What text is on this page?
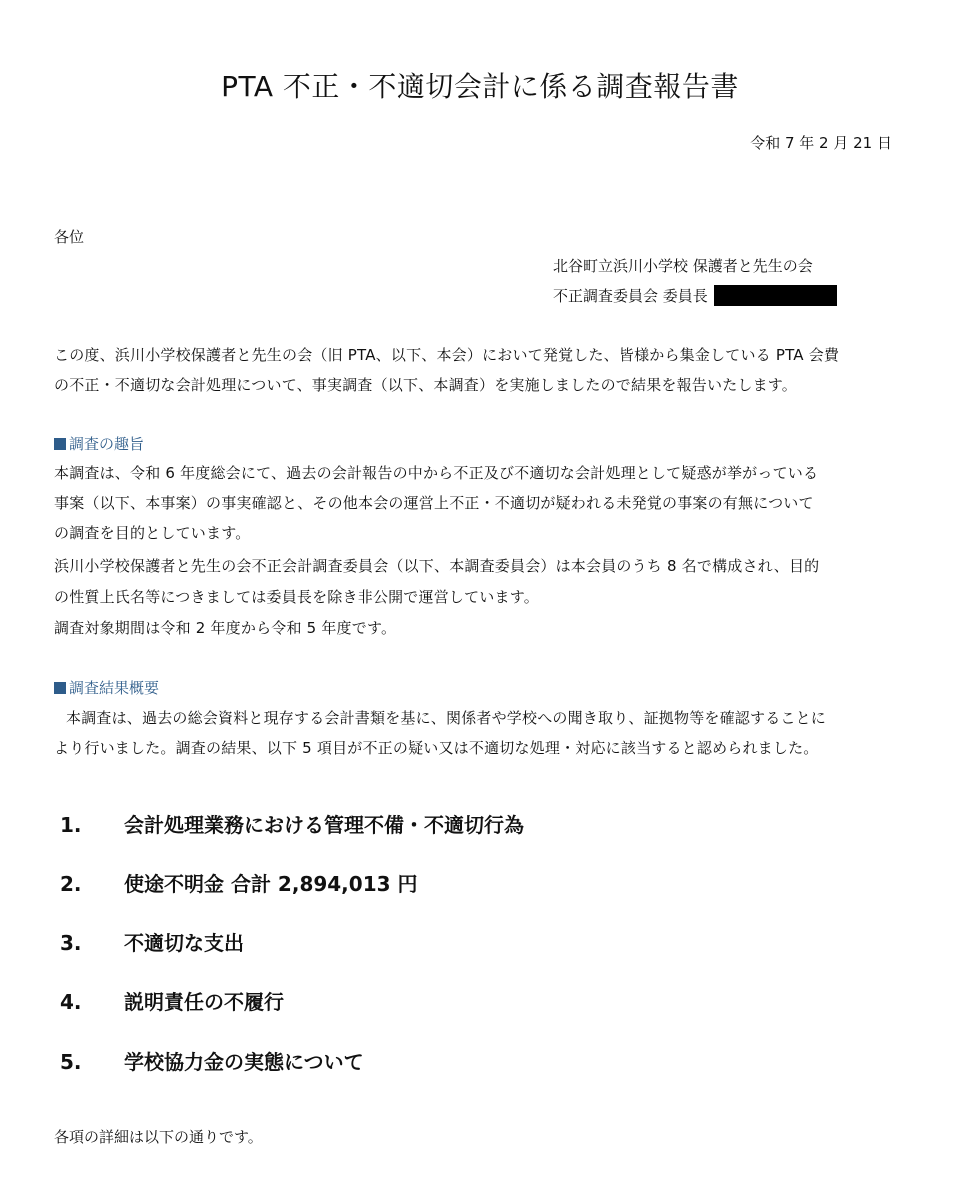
PTA 不正・不適切会計に係る調査報告書
令和 7 年 2 月 21 日
各位
北谷町立浜川小学校 保護者と先生の会
不正調査委員会 委員長
この度、浜川小学校保護者と先生の会（旧 PTA、以下、本会）において発覚した、皆様から集金している PTA 会費
の不正・不適切な会計処理について、事実調査（以下、本調査）を実施しましたので結果を報告いたします。
調査の趣旨
本調査は、令和 6 年度総会にて、過去の会計報告の中から不正及び不適切な会計処理として疑惑が挙がっている
事案（以下、本事案）の事実確認と、その他本会の運営上不正・不適切が疑われる未発覚の事案の有無について
の調査を目的としています。
浜川小学校保護者と先生の会不正会計調査委員会（以下、本調査委員会）は本会員のうち 8 名で構成され、目的
の性質上氏名等につきましては委員長を除き非公開で運営しています。
調査対象期間は令和 2 年度から令和 5 年度です。
調査結果概要
本調査は、過去の総会資料と現存する会計書類を基に、関係者や学校への聞き取り、証拠物等を確認することに
より行いました。調査の結果、以下 5 項目が不正の疑い又は不適切な処理・対応に該当すると認められました。
1. 会計処理業務における管理不備・不適切行為
2. 使途不明金 合計 2,894,013 円
3. 不適切な支出
4. 説明責任の不履行
5. 学校協力金の実態について
各項の詳細は以下の通りです。
